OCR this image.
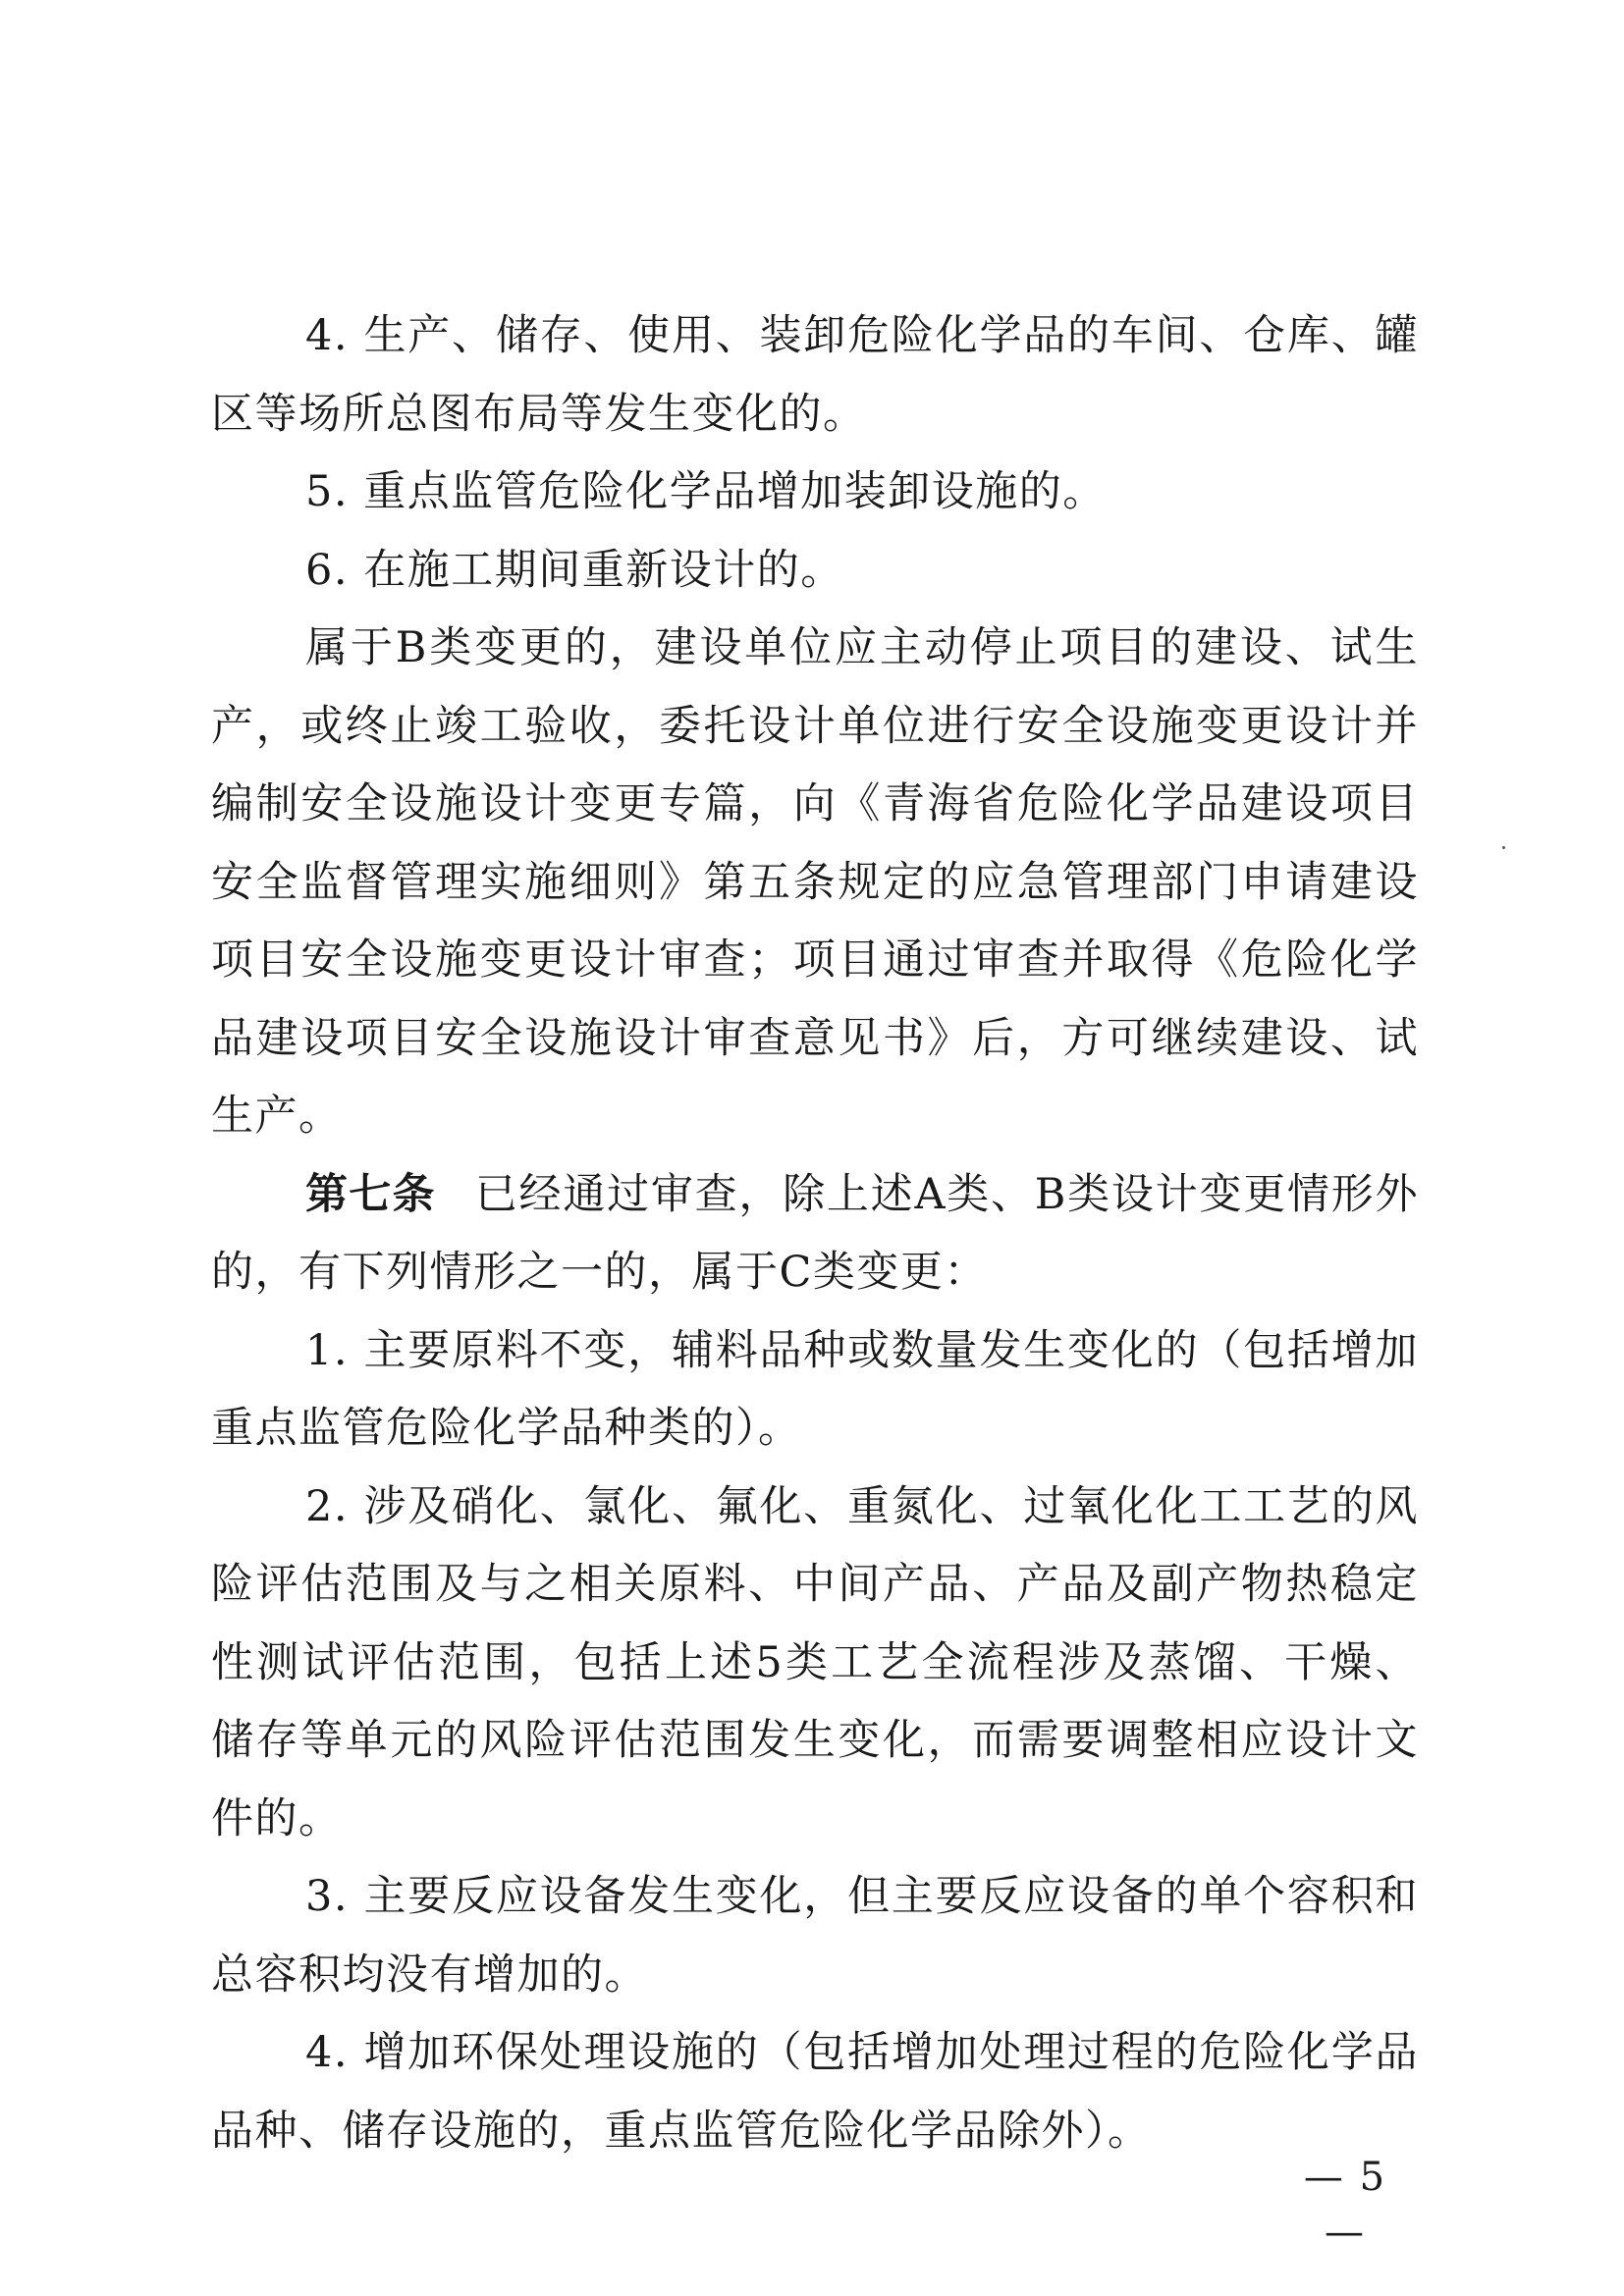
4. 生产、储存、使用、装卸危险化学品的车间、仓库、罐区等场所总图布局等发生变化的。

5. 重点监管危险化学品增加装卸设施的。

6. 在施工期间重新设计的。

属于B类变更的，建设单位应主动停止项目的建设、试生产，或终止竣工验收，委托设计单位进行安全设施变更设计并编制安全设施设计变更专篇，向《青海省危险化学品建设项目安全监督管理实施细则》第五条规定的应急管理部门申请建设项目安全设施变更设计审查；项目通过审查并取得《危险化学品建设项目安全设施设计审查意见书》后，方可继续建设、试生产。

第七条 已经通过审查，除上述A类、B类设计变更情形外的，有下列情形之一的，属于C类变更：

1. 主要原料不变，辅料品种或数量发生变化的（包括增加重点监管危险化学品种类的）。

2. 涉及硝化、氯化、氟化、重氮化、过氧化化工工艺的风险评估范围及与之相关原料、中间产品、产品及副产物热稳定性测试评估范围，包括上述5类工艺全流程涉及蒸馏、干燥、储存等单元的风险评估范围发生变化，而需要调整相应设计文件的。

3. 主要反应设备发生变化，但主要反应设备的单个容积和总容积均没有增加的。

4. 增加环保处理设施的（包括增加处理过程的危险化学品品种、储存设施的，重点监管危险化学品除外）。

— 5 —
